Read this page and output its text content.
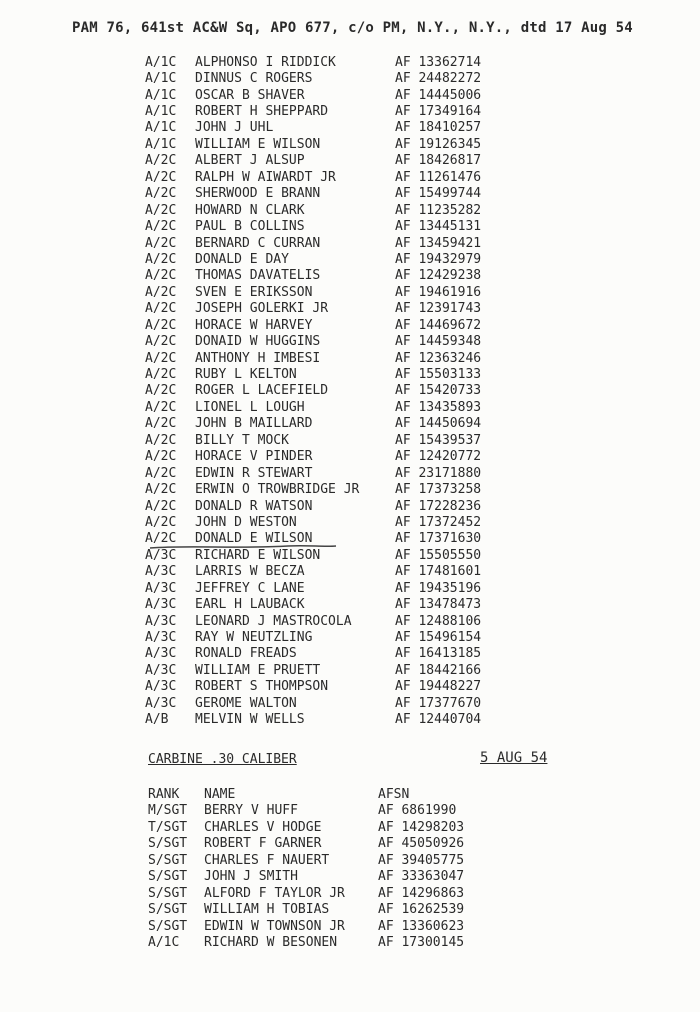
PAM 76, 641st AC&W Sq, APO 677, c/o PM, N.Y., N.Y., dtd 17 Aug 54
A/1C	ALPHONSO I RIDDICK	AF 13362714
A/1C	DINNUS C ROGERS	AF 24482272
A/1C	OSCAR B SHAVER	AF 14445006
A/1C	ROBERT H SHEPPARD	AF 17349164
A/1C	JOHN J UHL	AF 18410257
A/1C	WILLIAM E WILSON	AF 19126345
A/2C	ALBERT J ALSUP	AF 18426817
A/2C	RALPH W AIWARDT JR	AF 11261476
A/2C	SHERWOOD E BRANN	AF 15499744
A/2C	HOWARD N CLARK	AF 11235282
A/2C	PAUL B COLLINS	AF 13445131
A/2C	BERNARD C CURRAN	AF 13459421
A/2C	DONALD E DAY	AF 19432979
A/2C	THOMAS DAVATELIS	AF 12429238
A/2C	SVEN E ERIKSSON	AF 19461916
A/2C	JOSEPH GOLERKI JR	AF 12391743
A/2C	HORACE W HARVEY	AF 14469672
A/2C	DONAID W HUGGINS	AF 14459348
A/2C	ANTHONY H IMBESI	AF 12363246
A/2C	RUBY L KELTON	AF 15503133
A/2C	ROGER L LACEFIELD	AF 15420733
A/2C	LIONEL L LOUGH	AF 13435893
A/2C	JOHN B MAILLARD	AF 14450694
A/2C	BILLY T MOCK	AF 15439537
A/2C	HORACE V PINDER	AF 12420772
A/2C	EDWIN R STEWART	AF 23171880
A/2C	ERWIN O TROWBRIDGE JR	AF 17373258
A/2C	DONALD R WATSON	AF 17228236
A/2C	JOHN D WESTON	AF 17372452
A/2C	DONALD E WILSON	AF 17371630
A/3C	RICHARD E WILSON	AF 15505550
A/3C	LARRIS W BECZA	AF 17481601
A/3C	JEFFREY C LANE	AF 19435196
A/3C	EARL H LAUBACK	AF 13478473
A/3C	LEONARD J MASTROCOLA	AF 12488106
A/3C	RAY W NEUTZLING	AF 15496154
A/3C	RONALD FREADS	AF 16413185
A/3C	WILLIAM E PRUETT	AF 18442166
A/3C	ROBERT S THOMPSON	AF 19448227
A/3C	GEROME WALTON	AF 17377670
A/B	MELVIN W WELLS	AF 12440704
CARBINE .30 CALIBER	5 AUG 54
RANK	NAME	AFSN
M/SGT	BERRY V HUFF	AF 6861990
T/SGT	CHARLES V HODGE	AF 14298203
S/SGT	ROBERT F GARNER	AF 45050926
S/SGT	CHARLES F NAUERT	AF 39405775
S/SGT	JOHN J SMITH	AF 33363047
S/SGT	ALFORD F TAYLOR JR	AF 14296863
S/SGT	WILLIAM H TOBIAS	AF 16262539
S/SGT	EDWIN W TOWNSON JR	AF 13360623
A/1C	RICHARD W BESONEN	AF 17300145
